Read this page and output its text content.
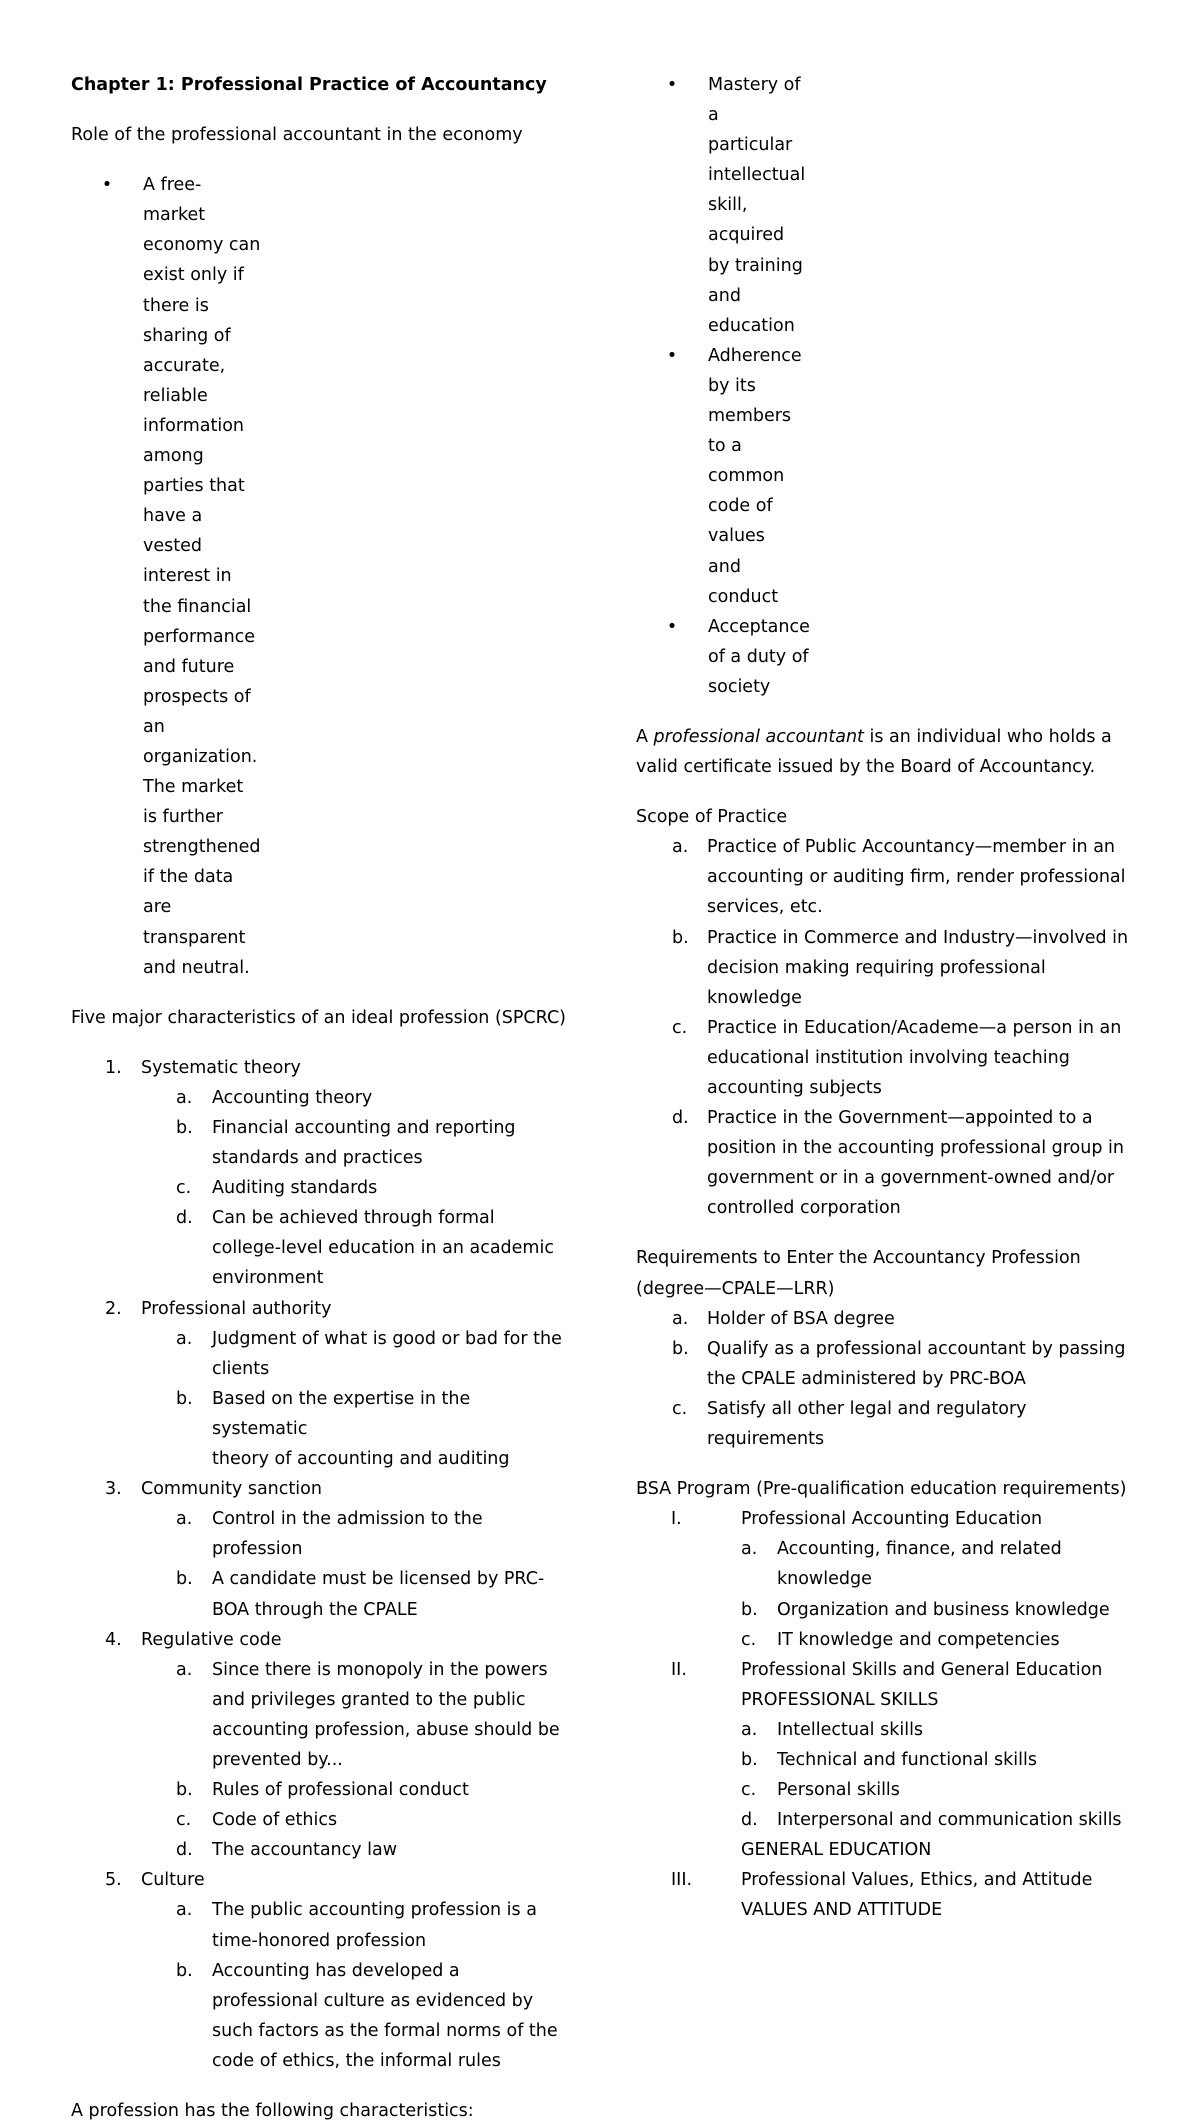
Chapter 1: Professional Practice of Accountancy
Role of the professional accountant in the economy
•	A free-market economy can exist only if there is
sharing of accurate, reliable information among
parties that have a vested interest in the financial
performance and future prospects of an
organization. The market is further strengthened
if the data are transparent and neutral.
Five major characteristics of an ideal profession (SPCRC)
1.	Systematic theory
a.	Accounting theory
b.	Financial accounting and reporting
standards and practices
c.	Auditing standards
d.	Can be achieved through formal
college-level education in an academic
environment
2.	Professional authority
a.	Judgment of what is good or bad for the
clients
b.	Based on the expertise in the systematic
theory of accounting and auditing
3.	Community sanction
a.	Control in the admission to the
profession
b.	A candidate must be licensed by PRC-
BOA through the CPALE
4.	Regulative code
a.	Since there is monopoly in the powers
and privileges granted to the public
accounting profession, abuse should be
prevented by...
b.	Rules of professional conduct
c.	Code of ethics
d.	The accountancy law
5.	Culture
a.	The public accounting profession is a
time-honored profession
b.	Accounting has developed a
professional culture as evidenced by
such factors as the formal norms of the
code of ethics, the informal rules
A profession has the following characteristics:
•	Mastery of a particular intellectual skill, acquired
by training and education
•	Adherence by its members to a common code of
values and conduct
•	Acceptance of a duty of society
A professional accountant is an individual who holds a
valid certificate issued by the Board of Accountancy.
Scope of Practice
a.	Practice of Public Accountancy—member in an
accounting or auditing firm, render professional
services, etc.
b.	Practice in Commerce and Industry—involved in
decision making requiring professional
knowledge
c.	Practice in Education/Academe—a person in an
educational institution involving teaching
accounting subjects
d.	Practice in the Government—appointed to a
position in the accounting professional group in
government or in a government-owned and/or
controlled corporation
Requirements to Enter the Accountancy Profession
(degree—CPALE—LRR)
a.	Holder of BSA degree
b.	Qualify as a professional accountant by passing
the CPALE administered by PRC-BOA
c.	Satisfy all other legal and regulatory
requirements
BSA Program (Pre-qualification education requirements)
I.	Professional Accounting Education
a.	Accounting, finance, and related
knowledge
b.	Organization and business knowledge
c.	IT knowledge and competencies
II.	Professional Skills and General Education
PROFESSIONAL SKILLS
a.	Intellectual skills
b.	Technical and functional skills
c.	Personal skills
d.	Interpersonal and communication skills
GENERAL EDUCATION
III.	Professional Values, Ethics, and Attitude
VALUES AND ATTITUDE
